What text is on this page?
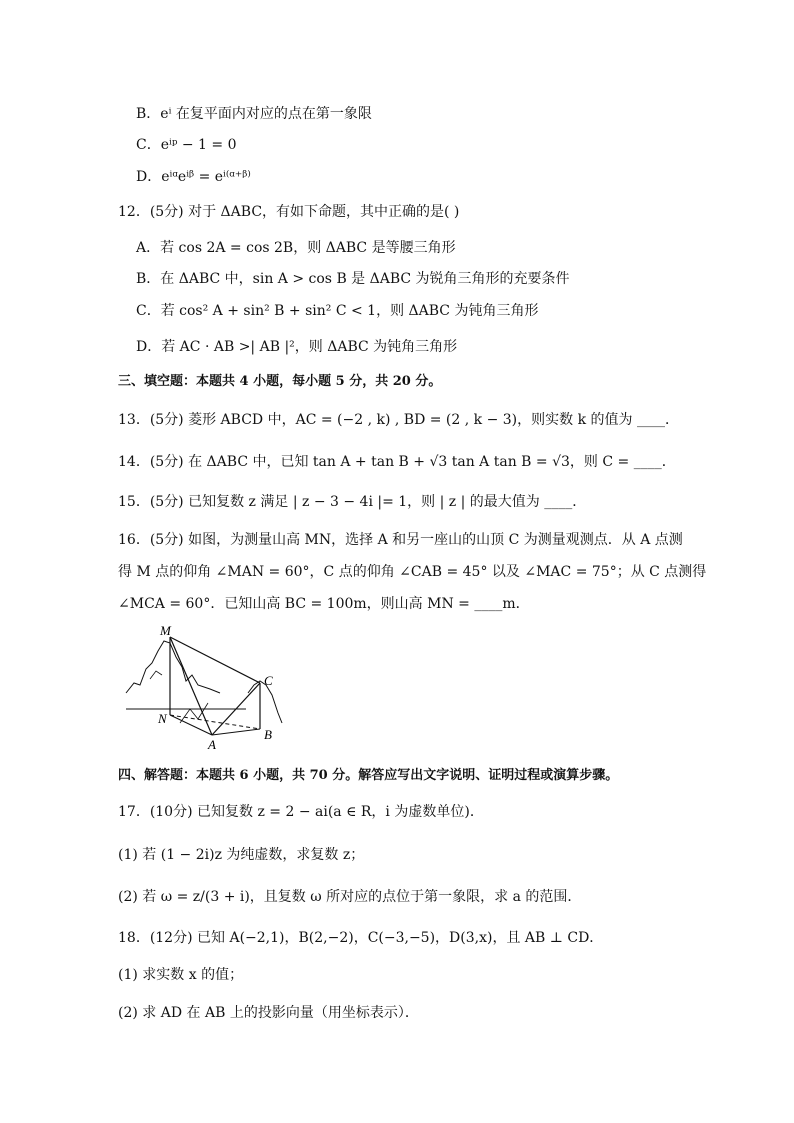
B．eⁱ 在复平面内对应的点在第一象限
C．eⁱᵖ − 1 = 0
D．eⁱᵅeⁱᵝ = eⁱ⁽ᵅ⁺ᵝ⁾
12．(5分) 对于 ΔABC，有如下命题，其中正确的是( )
A．若 cos 2A = cos 2B，则 ΔABC 是等腰三角形
B．在 ΔABC 中，sin A > cos B 是 ΔABC 为锐角三角形的充要条件
C．若 cos² A + sin² B + sin² C < 1，则 ΔABC 为钝角三角形
D．若 AC · AB >| AB |²，则 ΔABC 为钝角三角形
三、填空题：本题共 4 小题，每小题 5 分，共 20 分。
13．(5分) 菱形 ABCD 中，AC = (−2 , k) , BD = (2 , k − 3)，则实数 k 的值为 ____．
14．(5分) 在 ΔABC 中，已知 tan A + tan B + √3 tan A tan B = √3，则 C = ____．
15．(5分) 已知复数 z 满足 | z − 3 − 4i |= 1，则 | z | 的最大值为 ____．
16．(5分) 如图，为测量山高 MN，选择 A 和另一座山的山顶 C 为测量观测点．从 A 点测
得 M 点的仰角 ∠MAN = 60°，C 点的仰角 ∠CAB = 45° 以及 ∠MAC = 75°；从 C 点测得
∠MCA = 60°．已知山高 BC = 100m，则山高 MN = ____m．
M
N
A
B
C
四、解答题：本题共 6 小题，共 70 分。解答应写出文字说明、证明过程或演算步骤。
17．(10分) 已知复数 z = 2 − ai(a ∈ R，i 为虚数单位)．
(1) 若 (1 − 2i)z 为纯虚数，求复数 z；
(2) 若 ω = z/(3 + i)，且复数 ω 所对应的点位于第一象限，求 a 的范围．
18．(12分) 已知 A(−2,1)，B(2,−2)，C(−3,−5)，D(3,x)，且 AB ⊥ CD．
(1) 求实数 x 的值；
(2) 求 AD 在 AB 上的投影向量（用坐标表示）．
